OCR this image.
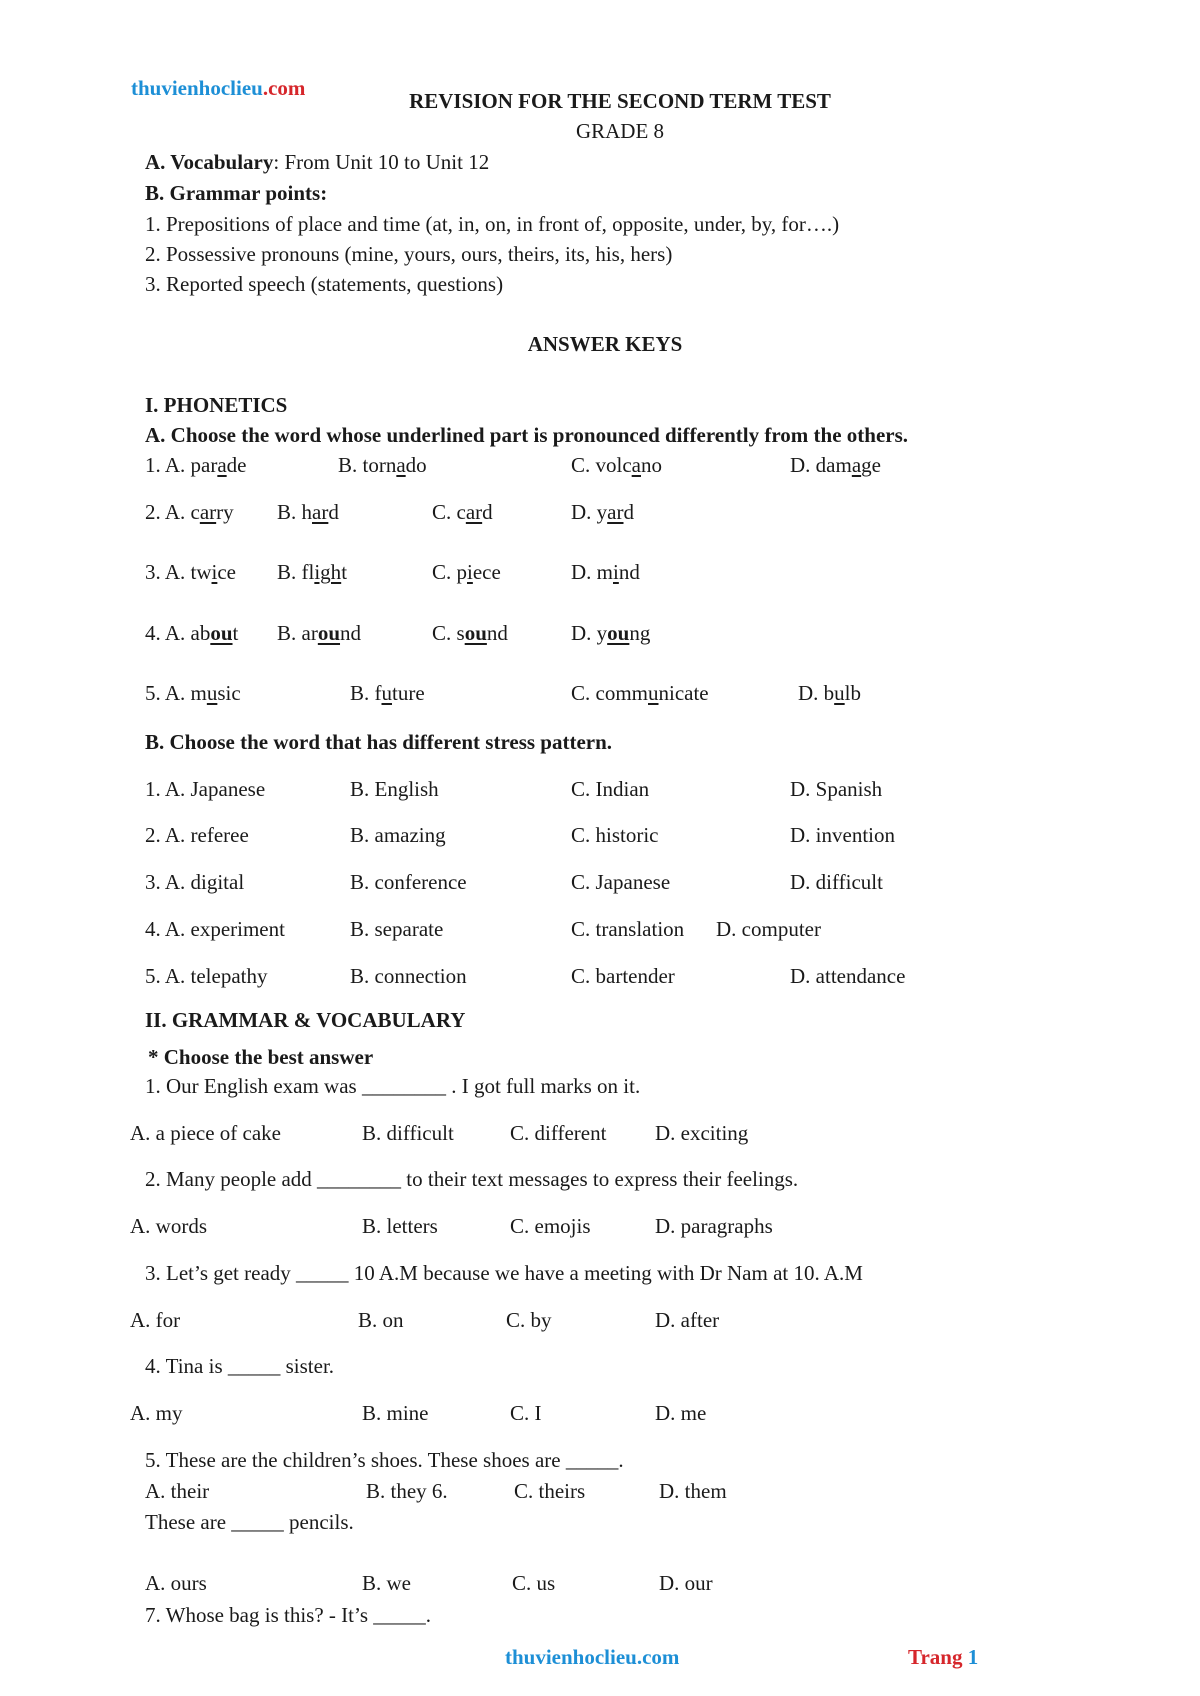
thuvienhoclieu.com
REVISION FOR THE SECOND TERM TEST
GRADE 8
A. Vocabulary: From Unit 10 to Unit 12
B. Grammar points:
1. Prepositions of place and time (at, in, on, in front of, opposite, under, by, for….)
2. Possessive pronouns (mine, yours, ours, theirs, its, his, hers)
3. Reported speech (statements, questions)
ANSWER KEYS
I. PHONETICS
A. Choose the word whose underlined part is pronounced differently from the others.
1. A. parade	B. tornado	C. volcano	D. damage
2. A. carry B. hard	C. card	D. yard
3. A. twice B. flight	C. piece	D. mind
4. A. about B. around	C. sound	D. young
5. A. music	B. future	C. communicate	D. bulb
B. Choose the word that has different stress pattern.
1. A. Japanese	B. English	C. Indian	D. Spanish
2. A. referee	B. amazing	C. historic	D. invention
3. A. digital	B. conference	C. Japanese	D. difficult
4. A. experiment	B. separate	C. translation D. computer
5. A. telepathy	B. connection	C. bartender	D. attendance
II. GRAMMAR & VOCABULARY
* Choose the best answer
1. Our English exam was ________ . I got full marks on it.
A. a piece of cake	B. difficult	C. different D. exciting
2. Many people add ________ to their text messages to express their feelings.
A. words	B. letters	C. emojis	D. paragraphs
3. Let’s get ready _____ 10 A.M because we have a meeting with Dr Nam at 10. A.M
A. for	B. on	C. by	D. after
4. Tina is _____ sister.
A. my	B. mine	C. I	D. me
5. These are the children’s shoes. These shoes are _____.
A. their	B. they 6.	C. theirs	D. them
These are _____ pencils.
A. ours	B. we	C. us	D. our
7. Whose bag is this? - It’s _____.
thuvienhoclieu.com	Trang 1
